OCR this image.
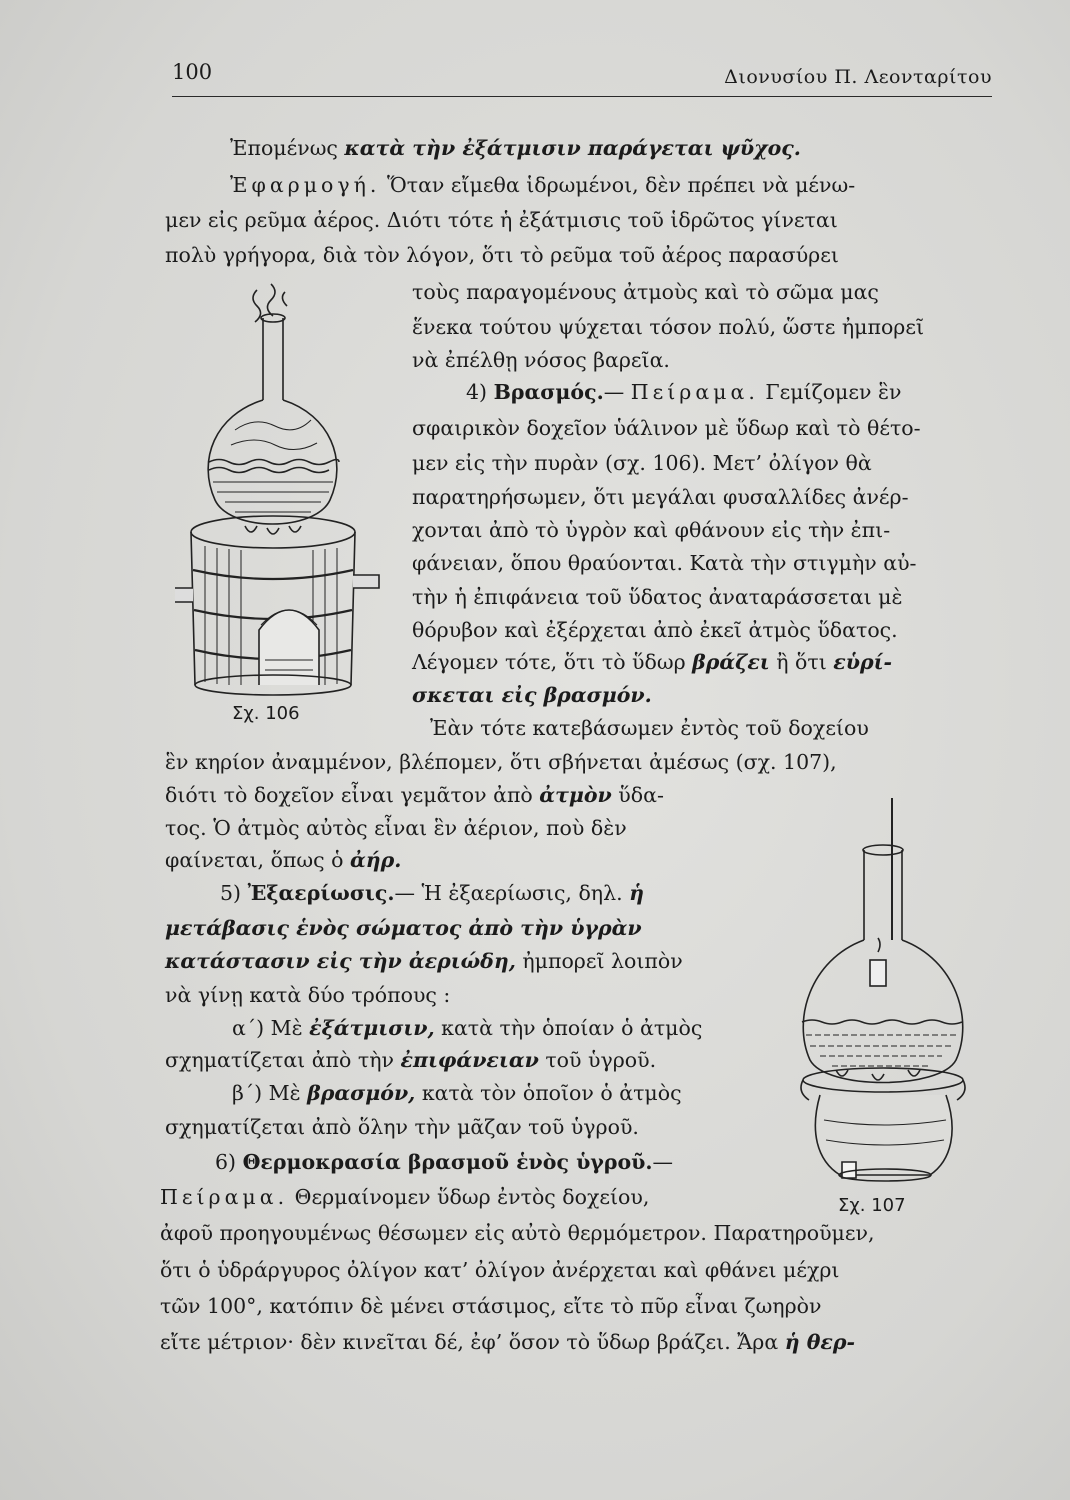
100	Διονυσίου Π. Λεονταρίτου
Ἐπομένως κατὰ τὴν ἐξάτμισιν παράγεται ψῦχος.
Ἐφαρμογή. Ὅταν εἴμεθα ἱδρωμένοι, δὲν πρέπει νὰ μένω-
μεν εἰς ρεῦμα ἀέρος. Διότι τότε ἡ ἐξάτμισις τοῦ ἱδρῶτος γίνεται
πολὺ γρήγορα, διὰ τὸν λόγον, ὅτι τὸ ρεῦμα τοῦ ἀέρος παρασύρει
τοὺς παραγομένους ἀτμοὺς καὶ τὸ σῶμα μας
ἕνεκα τούτου ψύχεται τόσον πολύ, ὥστε ἠμπορεῖ
νὰ ἐπέλθῃ νόσος βαρεῖα.
4) Βρασμός.— Πείραμα. Γεμίζομεν ἓν
σφαιρικὸν δοχεῖον ὑάλινον μὲ ὕδωρ καὶ τὸ θέτο-
μεν εἰς τὴν πυρὰν (σχ. 106). Μετ’ ὀλίγον θὰ
παρατηρήσωμεν, ὅτι μεγάλαι φυσαλλίδες ἀνέρ-
χονται ἀπὸ τὸ ὑγρὸν καὶ φθάνουν εἰς τὴν ἐπι-
φάνειαν, ὅπου θραύονται. Κατὰ τὴν στιγμὴν αὐ-
τὴν ἡ ἐπιφάνεια τοῦ ὕδατος ἀναταράσσεται μὲ
θόρυβον καὶ ἐξέρχεται ἀπὸ ἐκεῖ ἀτμὸς ὕδατος.
Λέγομεν τότε, ὅτι τὸ ὕδωρ βράζει ἢ ὅτι εὑρί-
σκεται εἰς βρασμόν.
Ἐὰν τότε κατεβάσωμεν ἐντὸς τοῦ δοχείου
ἓν κηρίον ἀναμμένον, βλέπομεν, ὅτι σβήνεται ἀμέσως (σχ. 107),
διότι τὸ δοχεῖον εἶναι γεμᾶτον ἀπὸ ἀτμὸν ὕδα-
τος. Ὁ ἀτμὸς αὐτὸς εἶναι ἓν ἀέριον, ποὺ δὲν
φαίνεται, ὅπως ὁ ἀήρ.
5) Ἐξαερίωσις.— Ἡ ἐξαερίωσις, δηλ. ἡ
μετάβασις ἑνὸς σώματος ἀπὸ τὴν ὑγρὰν
κατάστασιν εἰς τὴν ἀεριώδη, ἠμπορεῖ λοιπὸν
νὰ γίνῃ κατὰ δύο τρόπους :
α΄) Μὲ ἐξάτμισιν, κατὰ τὴν ὁποίαν ὁ ἀτμὸς
σχηματίζεται ἀπὸ τὴν ἐπιφάνειαν τοῦ ὑγροῦ.
β΄) Μὲ βρασμόν, κατὰ τὸν ὁποῖον ὁ ἀτμὸς
σχηματίζεται ἀπὸ ὅλην τὴν μᾶζαν τοῦ ὑγροῦ.
6) Θερμοκρασία βρασμοῦ ἑνὸς ὑγροῦ.—
Πείραμα. Θερμαίνομεν ὕδωρ ἐντὸς δοχείου,
ἀφοῦ προηγουμένως θέσωμεν εἰς αὐτὸ θερμόμετρον. Παρατηροῦμεν,
ὅτι ὁ ὑδράργυρος ὀλίγον κατ’ ὀλίγον ἀνέρχεται καὶ φθάνει μέχρι
τῶν 100°, κατόπιν δὲ μένει στάσιμος, εἴτε τὸ πῦρ εἶναι ζωηρὸν
εἴτε μέτριον· δὲν κινεῖται δέ, ἐφ’ ὅσον τὸ ὕδωρ βράζει. Ἄρα ἡ θερ-
Σχ. 106
Σχ. 107
